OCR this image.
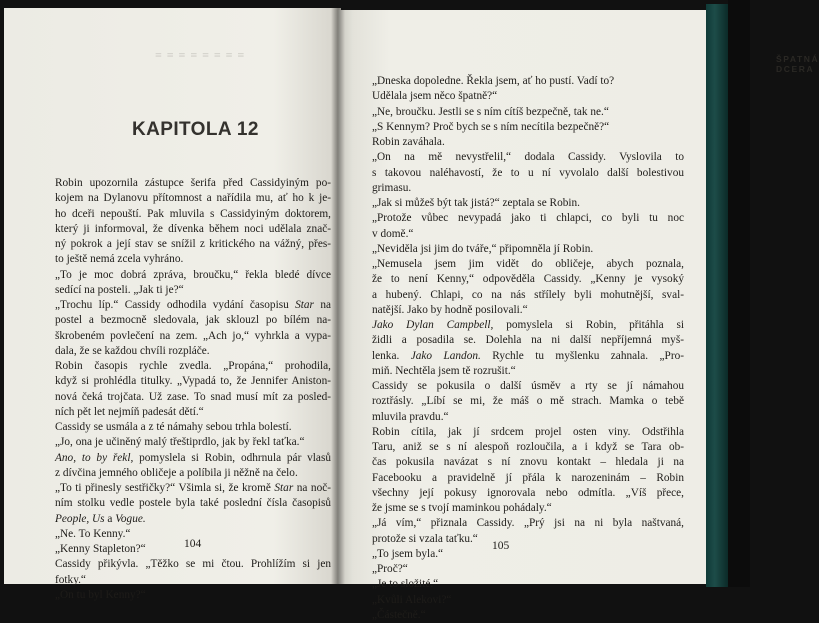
≡ ≡ ≡ ≡ ≡ ≡ ≡ ≡
KAPITOLA 12

Robin upozornila zástupce šerifa před Cassidyiným po-
kojem na Dylanovu přítomnost a nařídila mu, ať ho k je-
ho dceři nepouští. Pak mluvila s Cassidyiným doktorem,
který ji informoval, že dívenka během noci udělala znač-
ný pokrok a její stav se snížil z kritického na vážný, přes-
to ještě nemá zcela vyhráno.
„To je moc dobrá zpráva, broučku,“ řekla bledé dívce
sedící na posteli. „Jak ti je?“
„Trochu líp.“ Cassidy odhodila vydání časopisu Star na
postel a bezmocně sledovala, jak sklouzl po bílém na-
škrobeném povlečení na zem. „Ach jo,“ vyhrkla a vypa-
dala, že se každou chvíli rozpláče.
Robin časopis rychle zvedla. „Propána,“ prohodila,
když si prohlédla titulky. „Vypadá to, že Jennifer Aniston-
nová čeká trojčata. Už zase. To snad musí mít za posled-
ních pět let nejmíň padesát dětí.“
Cassidy se usmála a z té námahy sebou trhla bolestí.
„Jo, ona je učiněný malý třeštiprdlo, jak by řekl taťka.“
Ano, to by řekl, pomyslela si Robin, odhrnula pár vlasů
z dívčina jemného obličeje a políbila ji něžně na čelo.
„To ti přinesly sestřičky?“ Všimla si, že kromě Star na noč-
ním stolku vedle postele byla také poslední čísla časopisů
People, Us a Vogue.
„Ne. To Kenny.“
„Kenny Stapleton?“
Cassidy přikývla. „Těžko se mi čtou. Prohlížím si jen
fotky.“
„On tu byl Kenny?“

104

ŠPATNÁ DCERA

„Dneska dopoledne. Řekla jsem, ať ho pustí. Vadí to?
Udělala jsem něco špatně?“
„Ne, broučku. Jestli se s ním cítíš bezpečně, tak ne.“
„S Kennym? Proč bych se s ním necítila bezpečně?“
Robin zaváhala.
„On na mě nevystřelil,“ dodala Cassidy. Vyslovila to
s takovou naléhavostí, že to u ní vyvolalo další bolestivou
grimasu.
„Jak si můžeš být tak jistá?“ zeptala se Robin.
„Protože vůbec nevypadá jako ti chlapci, co byli tu noc
v domě.“
„Neviděla jsi jim do tváře,“ připomněla jí Robin.
„Nemusela jsem jim vidět do obličeje, abych poznala,
že to není Kenny,“ odpověděla Cassidy. „Kenny je vysoký
a hubený. Chlapi, co na nás střílely byli mohutnější, sval-
natější. Jako by hodně posilovali.“
Jako Dylan Campbell, pomyslela si Robin, přitáhla si
židli a posadila se. Dolehla na ni další nepříjemná myš-
lenka. Jako Landon. Rychle tu myšlenku zahnala. „Pro-
miň. Nechtěla jsem tě rozrušit.“
Cassidy se pokusila o další úsměv a rty se jí námahou
roztřásly. „Líbí se mi, že máš o mě strach. Mamka o tebě
mluvila pravdu.“
Robin cítila, jak jí srdcem projel osten viny. Odstřihla
Taru, aniž se s ní alespoň rozloučila, a i když se Tara ob-
čas pokusila navázat s ní znovu kontakt – hledala ji na
Facebooku a pravidelně jí přála k narozeninám – Robin
všechny její pokusy ignorovala nebo odmítla. „Víš přece,
že jsme se s tvojí maminkou pohádaly.“
„Já vím,“ přiznala Cassidy. „Prý jsi na ni byla naštvaná,
protože si vzala taťku.“
„To jsem byla.“
„Proč?“
„Je to složité.“
„Kvůli Alekovi?“
„Částečně.“

105
